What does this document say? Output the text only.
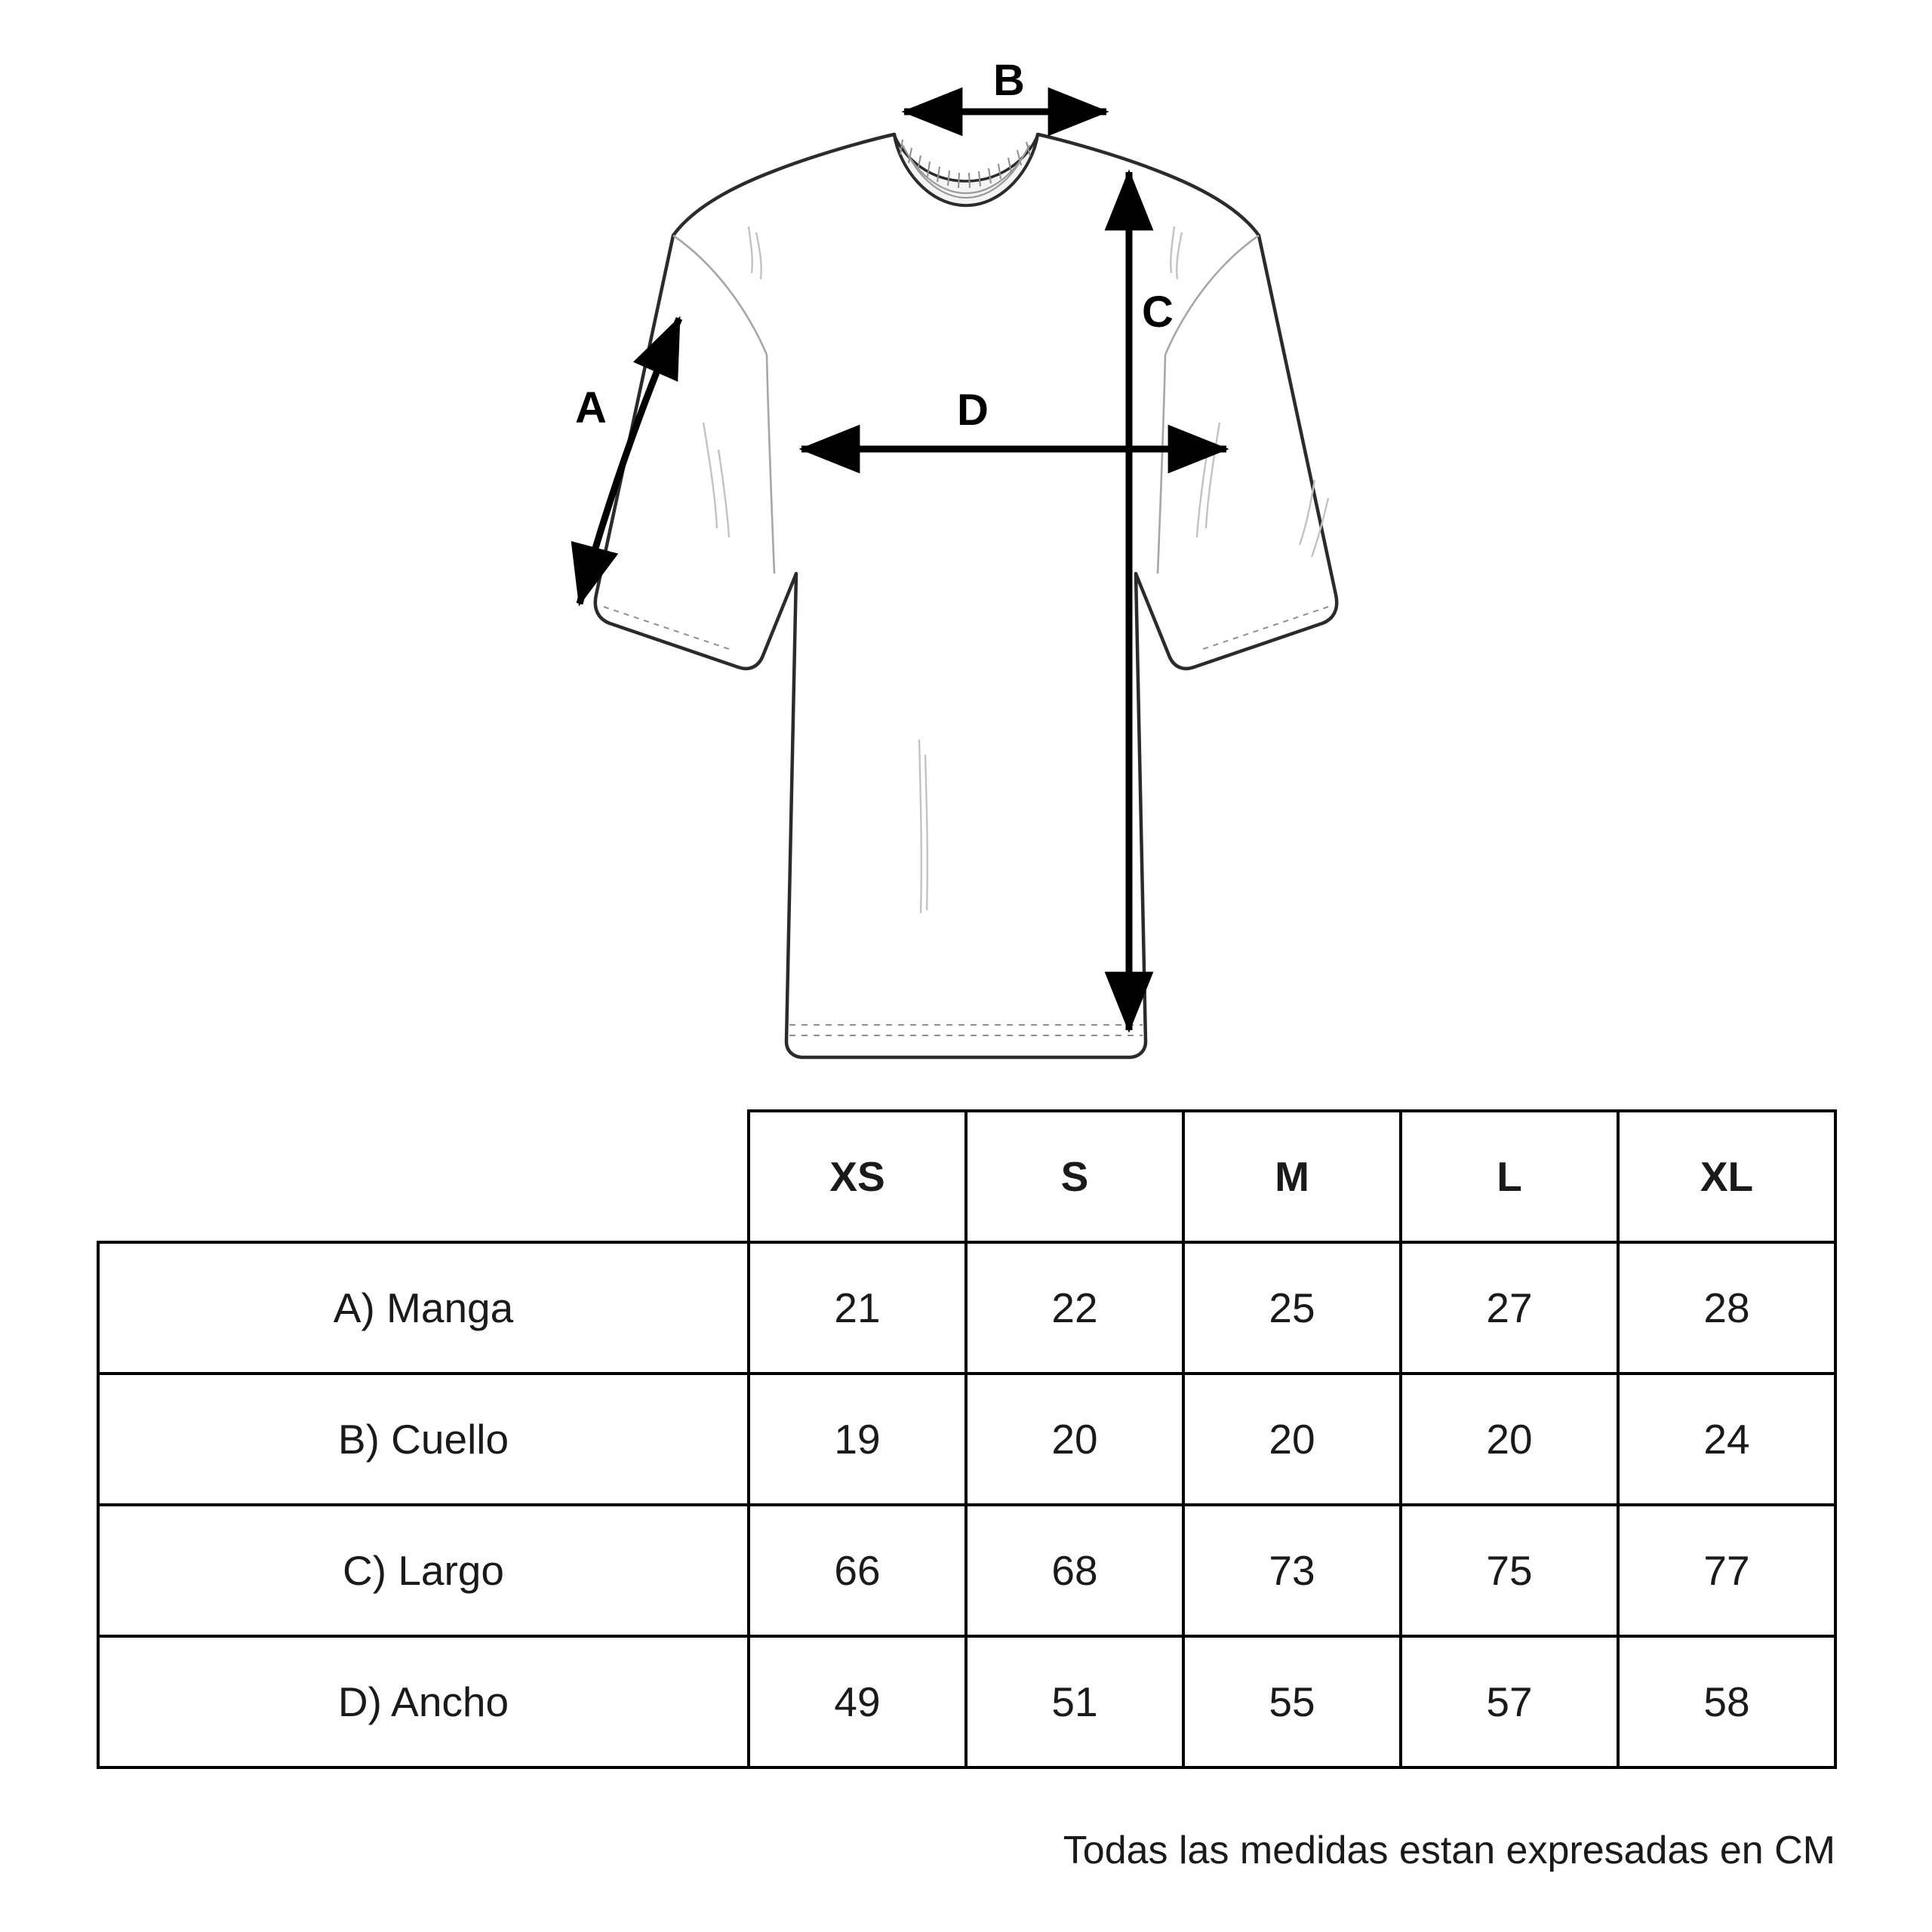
A
B
C
D
	XS	S	M	L	XL
A) Manga	21	22	25	27	28
B) Cuello	19	20	20	20	24
C) Largo	66	68	73	75	77
D) Ancho	49	51	55	57	58
Todas las medidas estan expresadas en CM
